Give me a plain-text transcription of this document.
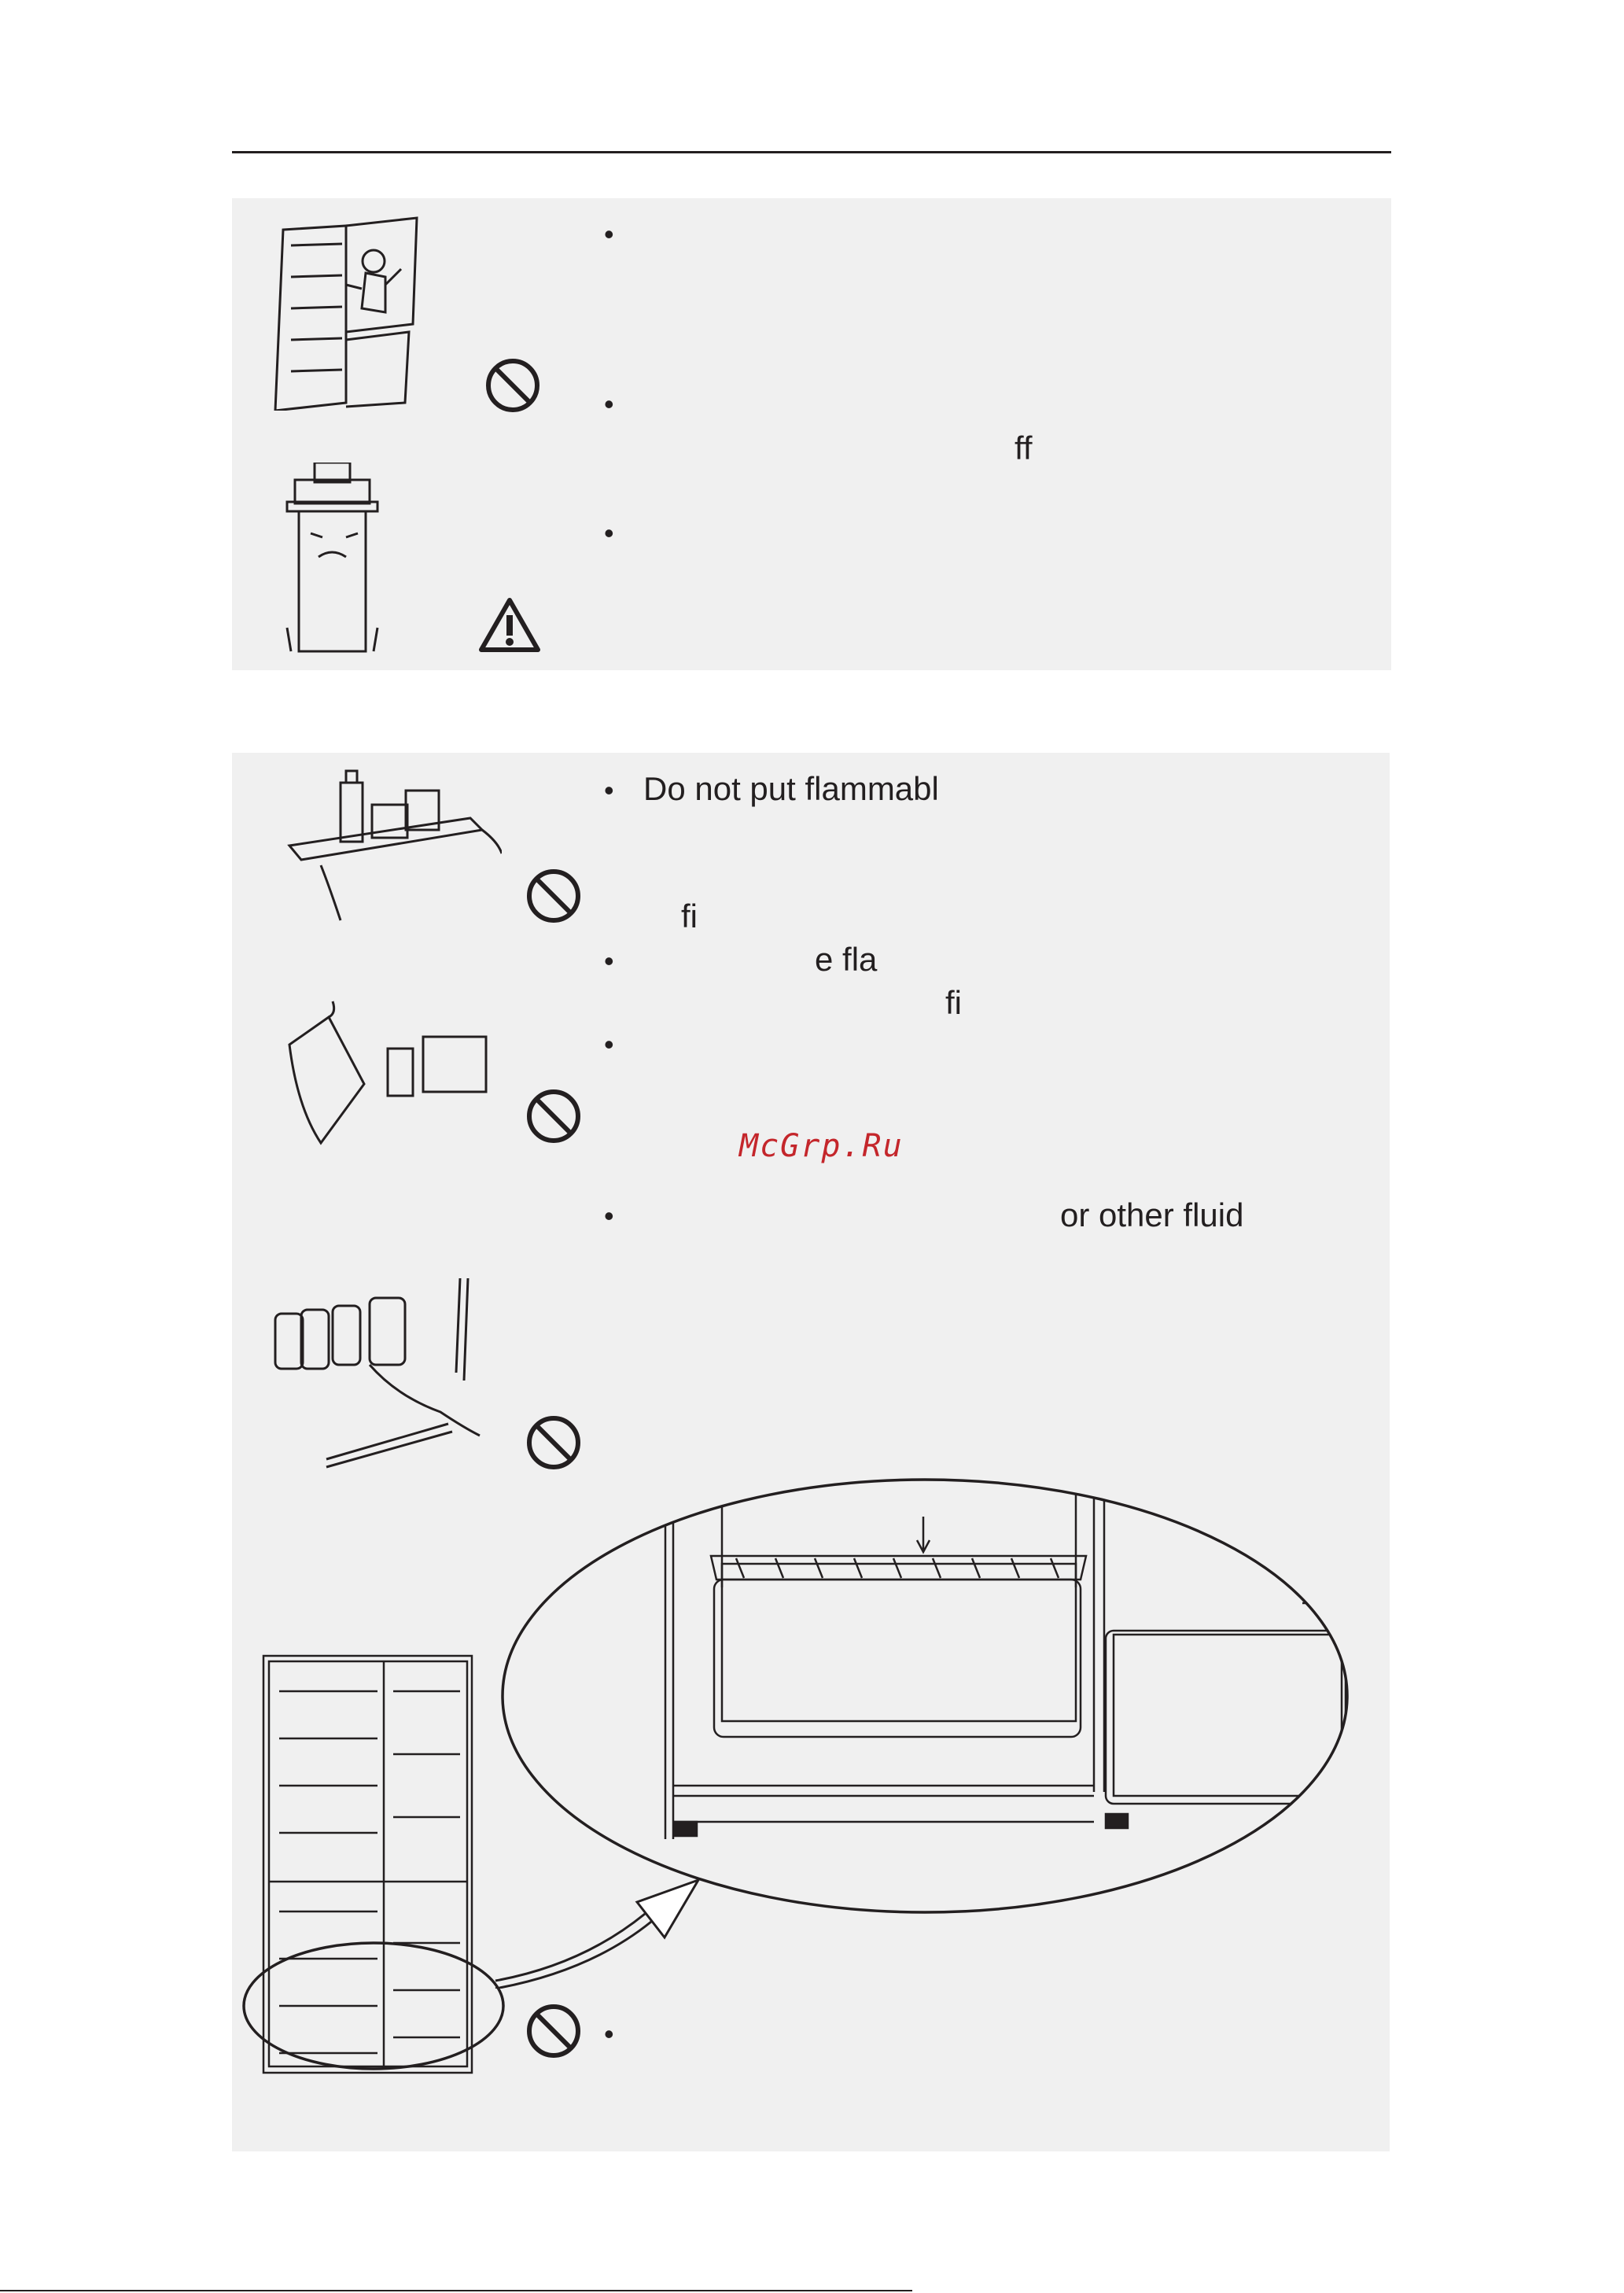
•
•
•
ff
• Do not put flammabl
fi
•	e fla
fi
•
McGrp.Ru
•	or other fluid
•
